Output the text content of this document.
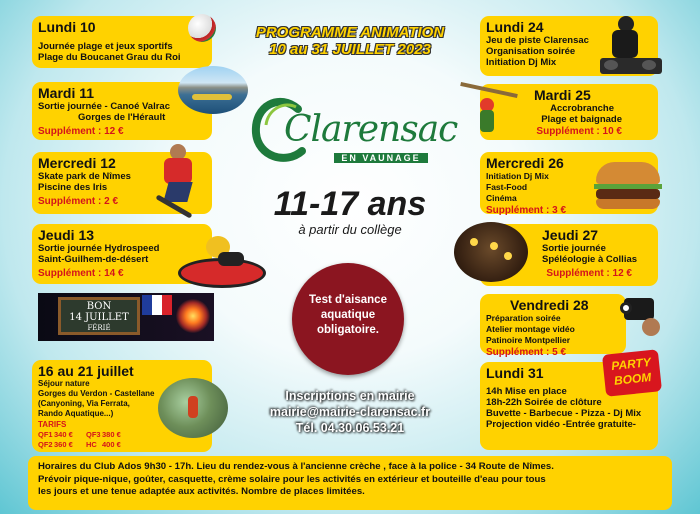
PROGRAMME ANIMATION
10 au 31 JUILLET 2023
Clarensac
EN VAUNAGE
11-17 ans
à partir du collège
Test d'aisance
aquatique
obligatoire.
Inscriptions en mairie
mairie@mairie-clarensac.fr
Tél. 04.30.06.53.21
Lundi 10
Journée plage et jeux sportifs
Plage du Boucanet Grau du Roi
Mardi 11
Sortie journée - Canoé Valrac
Gorges de l'Hérault
Supplément : 12 €
Mercredi 12
Skate park de Nîmes
Piscine des Iris
Supplément : 2 €
Jeudi 13
Sortie journée Hydrospeed
Saint-Guilhem-de-désert
Supplément : 14 €
BON
14 JUILLET
FÉRIÉ
16 au 21 juillet
Séjour nature
Gorges du Verdon - Castellane
(Canyoning, Via Ferrata,
Rando Aquatique...)
TARIFS
QF1340 € QF3380 €
QF2360 € HC 400 €
Lundi 24
Jeu de piste Clarensac
Organisation soirée
Initiation Dj Mix
Mardi 25
Accrobranche
Plage et baignade
Supplément : 10 €
Mercredi 26
Initiation Dj Mix
Fast-Food
Cinéma
Supplément : 3 €
Jeudi 27
Sortie journée
Spéléologie à Collias
Supplément : 12 €
Vendredi 28
Préparation soirée
Atelier montage vidéo
Patinoire Montpellier
Supplément : 5 €
Lundi 31
14h Mise en place
18h-22h Soirée de clôture
Buvette - Barbecue - Pizza - Dj Mix
Projection vidéo -Entrée gratuite-
PARTY
BOOM
Horaires du Club Ados 9h30 - 17h. Lieu du rendez-vous à l'ancienne crèche , face à la police - 34 Route de Nîmes.
Prévoir pique-nique, goûter, casquette, crème solaire pour les activités en extérieur et bouteille d'eau pour tous
les jours et une tenue adaptée aux activités. Nombre de places limitées.
